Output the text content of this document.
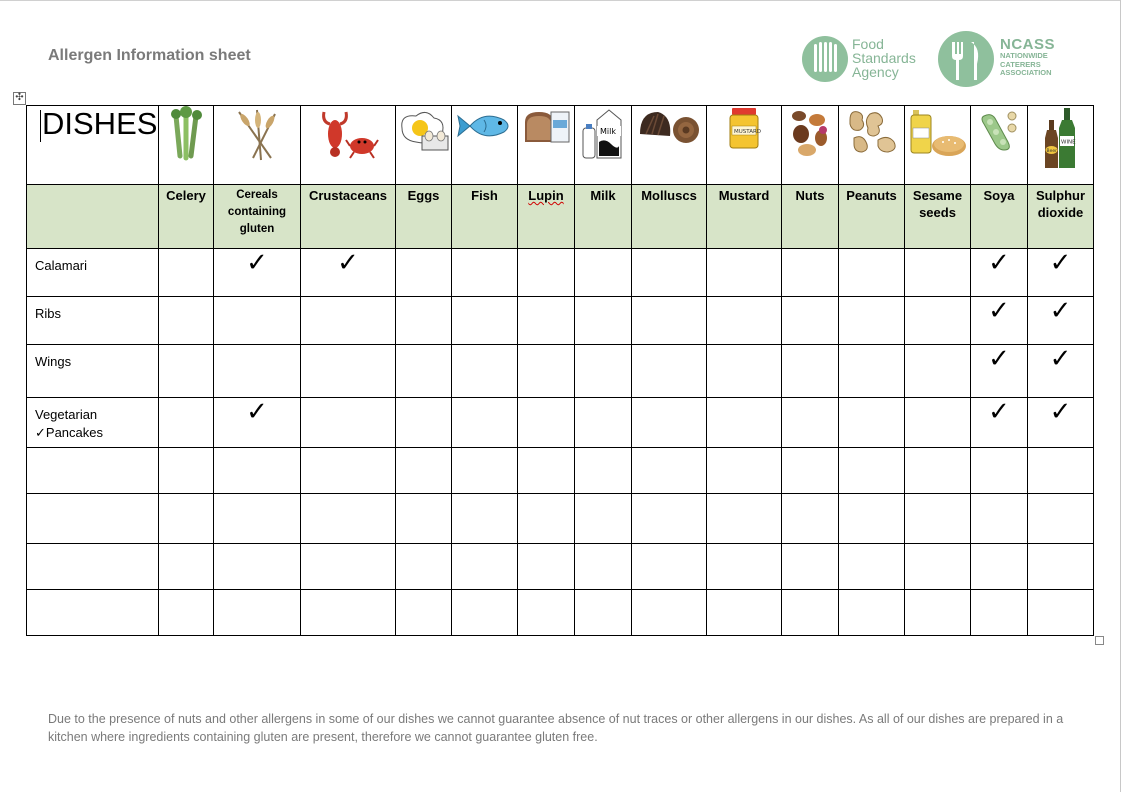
Allergen Information sheet
Food
Standards
Agency
NCASS
NATIONWIDE
CATERERS
ASSOCIATION
✣
DISHES							Milk		MUSTARD					WINE
Beer

	Celery	Cereals containing gluten	Crustaceans	Eggs	Fish	Lupin	Milk	Molluscs	Mustard	Nuts	Peanuts	Sesame seeds	Soya	Sulphur dioxide

Calamari		✓	✓										✓	✓
Ribs													✓	✓
Wings													✓	✓
Vegetarian
✓Pancakes		✓											✓	✓

Due to the presence of nuts and other allergens in some of our dishes we cannot guarantee absence of nut traces or other allergens in our dishes. As all of our dishes are prepared in a kitchen where ingredients containing gluten are present, therefore we cannot guarantee gluten free.
